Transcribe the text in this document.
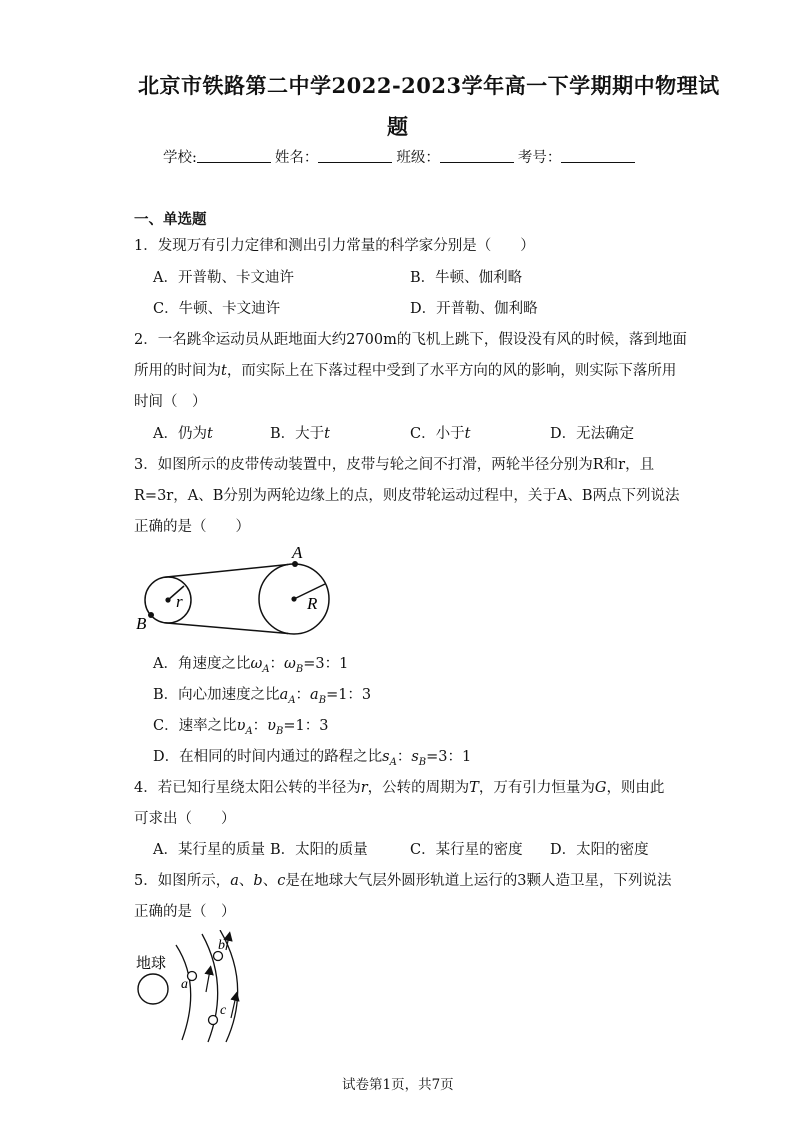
北京市铁路第二中学2022-2023学年高一下学期期中物理试
题
学校:	姓名：	班级：	考号：
一、单选题
1．发现万有引力定律和测出引力常量的科学家分别是（　　）
A．开普勒、卡文迪许	B．牛顿、伽利略
C．牛顿、卡文迪许	D．开普勒、伽利略
2．一名跳伞运动员从距地面大约2700m的飞机上跳下，假设没有风的时候，落到地面
所用的时间为t，而实际上在下落过程中受到了水平方向的风的影响，则实际下落所用
时间（　）
A．仍为t	B．大于t	C．小于t	D．无法确定
3．如图所示的皮带传动装置中，皮带与轮之间不打滑，两轮半径分别为R和r，且
R=3r，A、B分别为两轮边缘上的点，则皮带轮运动过程中，关于A、B两点下列说法
正确的是（　　）
A
B
r	R
A．角速度之比$\omega_A$：$\omega_B=3$：1
B．向心加速度之比$a_A$：$a_B=1$：3
C．速率之比$\upsilon_A$：$\upsilon_B=1$：3
D．在相同的时间内通过的路程之比$s_A$：$s_B=3$：1
4．若已知行星绕太阳公转的半径为r，公转的周期为T，万有引力恒量为G，则由此
可求出（　　）
A．某行星的质量 B．太阳的质量	C．某行星的密度 D．太阳的密度
5．如图所示，a、b、c是在地球大气层外圆形轨道上运行的3颗人造卫星，下列说法
正确的是（　）
地球
a
b
c
试卷第1页，共7页
